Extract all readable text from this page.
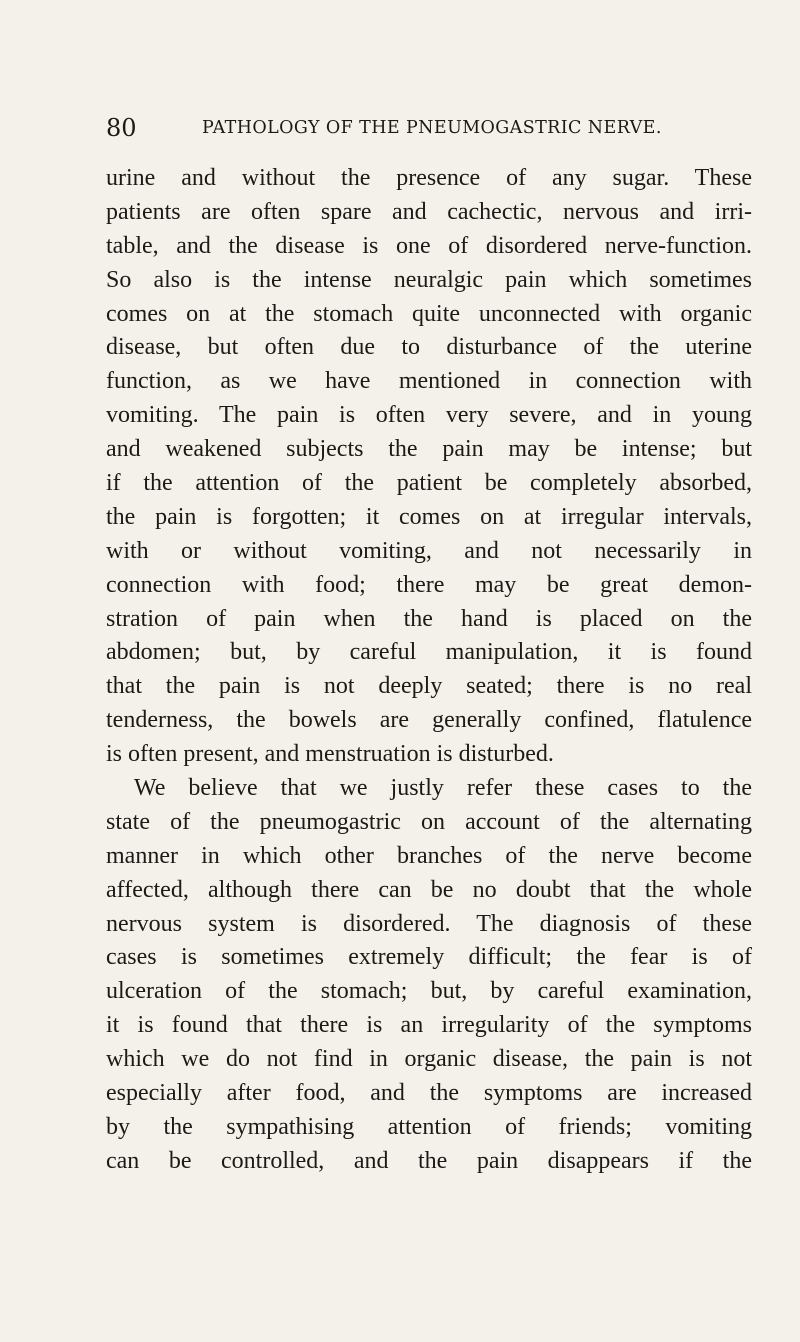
80	PATHOLOGY OF THE PNEUMOGASTRIC NERVE.
urine and without the presence of any sugar. These
patients are often spare and cachectic, nervous and irri-
table, and the disease is one of disordered nerve-function.
So also is the intense neuralgic pain which sometimes
comes on at the stomach quite unconnected with organic
disease, but often due to disturbance of the uterine
function, as we have mentioned in connection with
vomiting. The pain is often very severe, and in young
and weakened subjects the pain may be intense; but
if the attention of the patient be completely absorbed,
the pain is forgotten; it comes on at irregular intervals,
with or without vomiting, and not necessarily in
connection with food; there may be great demon-
stration of pain when the hand is placed on the
abdomen; but, by careful manipulation, it is found
that the pain is not deeply seated; there is no real
tenderness, the bowels are generally confined, flatulence
is often present, and menstruation is disturbed.
We believe that we justly refer these cases to the
state of the pneumogastric on account of the alternating
manner in which other branches of the nerve become
affected, although there can be no doubt that the whole
nervous system is disordered. The diagnosis of these
cases is sometimes extremely difficult; the fear is of
ulceration of the stomach; but, by careful examination,
it is found that there is an irregularity of the symptoms
which we do not find in organic disease, the pain is not
especially after food, and the symptoms are increased
by the sympathising attention of friends; vomiting
can be controlled, and the pain disappears if the
